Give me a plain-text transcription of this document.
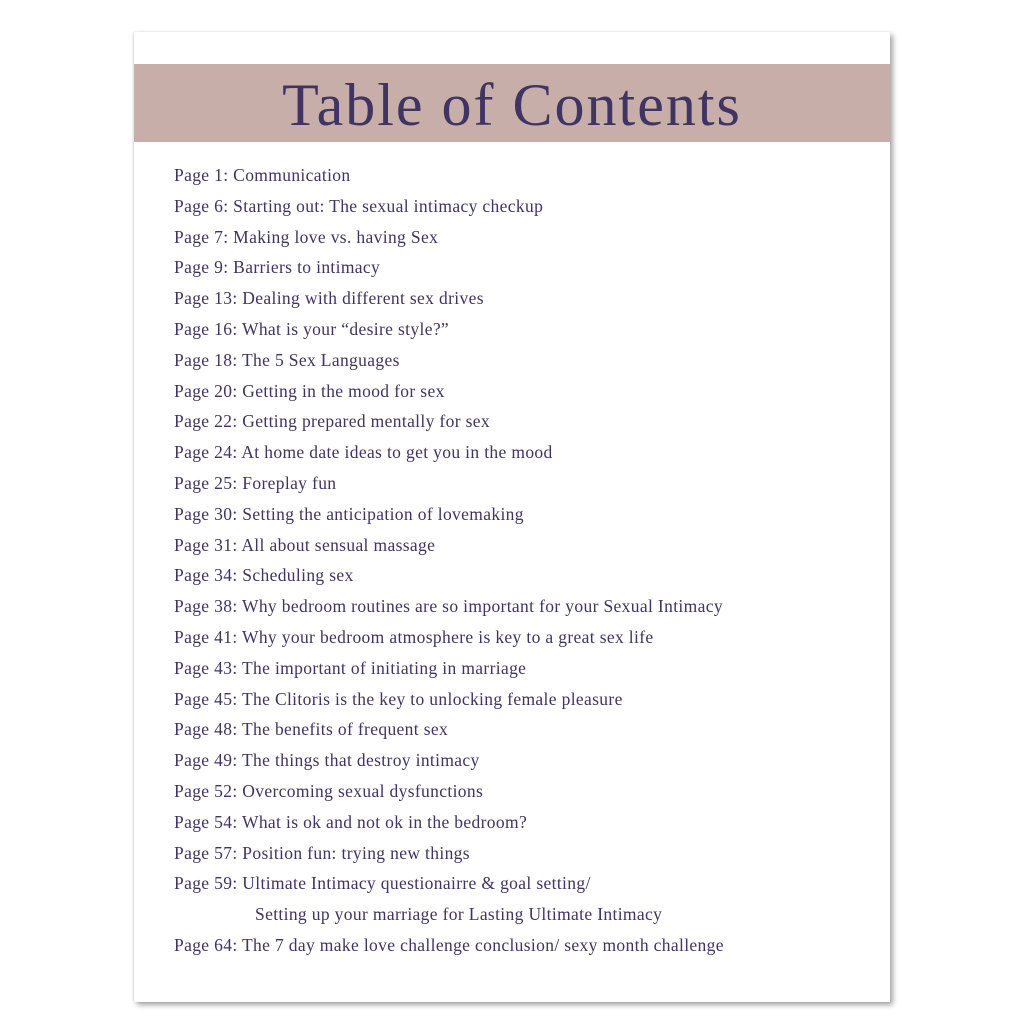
Table of Contents
Page 1: Communication
Page 6: Starting out: The sexual intimacy checkup
Page 7: Making love vs. having Sex
Page 9: Barriers to intimacy
Page 13: Dealing with different sex drives
Page 16: What is your “desire style?”
Page 18: The 5 Sex Languages
Page 20: Getting in the mood for sex
Page 22: Getting prepared mentally for sex
Page 24: At home date ideas to get you in the mood
Page 25: Foreplay fun
Page 30: Setting the anticipation of lovemaking
Page 31: All about sensual massage
Page 34: Scheduling sex
Page 38: Why bedroom routines are so important for your Sexual Intimacy
Page 41: Why your bedroom atmosphere is key to a great sex life
Page 43: The important of initiating in marriage
Page 45: The Clitoris is the key to unlocking female pleasure
Page 48: The benefits of frequent sex
Page 49: The things that destroy intimacy
Page 52: Overcoming sexual dysfunctions
Page 54: What is ok and not ok in the bedroom?
Page 57: Position fun: trying new things
Page 59: Ultimate Intimacy questionairre & goal setting/
Setting up your marriage for Lasting Ultimate Intimacy
Page 64: The 7 day make love challenge conclusion/ sexy month challenge
